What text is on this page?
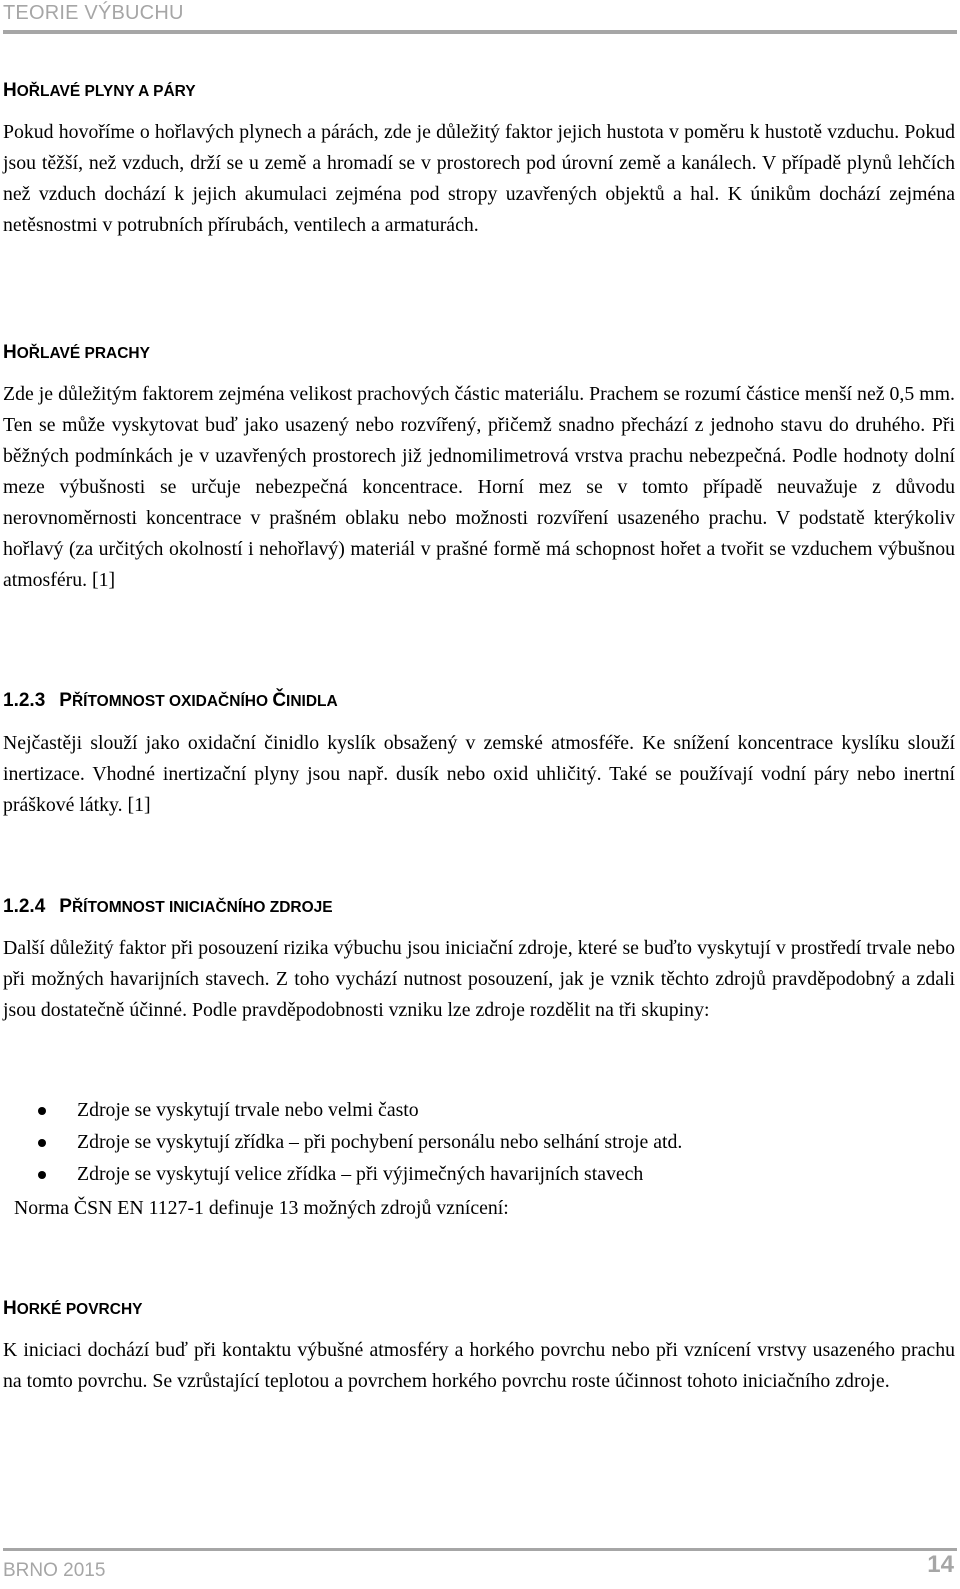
TEORIE VÝBUCHU
HOŘLAVÉ PLYNY A PÁRY

Pokud hovoříme o hořlavých plynech a párách, zde je důležitý faktor jejich hustota v poměru k hustotě vzduchu. Pokud jsou těžší, než vzduch, drží se u země a hromadí se v prostorech pod úrovní země a kanálech. V případě plynů lehčích než vzduch dochází k jejich akumulaci zejména pod stropy uzavřených objektů a hal. K únikům dochází zejména netěsnostmi v potrubních přírubách, ventilech a armaturách.

HOŘLAVÉ PRACHY

Zde je důležitým faktorem zejména velikost prachových částic materiálu. Prachem se rozumí částice menší než 0,5 mm. Ten se může vyskytovat buď jako usazený nebo rozvířený, přičemž snadno přechází z jednoho stavu do druhého. Při běžných podmínkách je v uzavřených prostorech již jednomilimetrová vrstva prachu nebezpečná. Podle hodnoty dolní meze výbušnosti se určuje nebezpečná koncentrace. Horní mez se v tomto případě neuvažuje z důvodu nerovnoměrnosti koncentrace v prašném oblaku nebo možnosti rozvíření usazeného prachu. V podstatě kterýkoliv hořlavý (za určitých okolností i nehořlavý) materiál v prašné formě má schopnost hořet a tvořit se vzduchem výbušnou atmosféru. [1]

1.2.3 PŘÍTOMNOST OXIDAČNÍHO ČINIDLA

Nejčastěji slouží jako oxidační činidlo kyslík obsažený v zemské atmosféře. Ke snížení koncentrace kyslíku slouží inertizace. Vhodné inertizační plyny jsou např. dusík nebo oxid uhličitý. Také se používají vodní páry nebo inertní práškové látky. [1]

1.2.4 PŘÍTOMNOST INICIAČNÍHO ZDROJE

Další důležitý faktor při posouzení rizika výbuchu jsou iniciační zdroje, které se buďto vyskytují v prostředí trvale nebo při možných havarijních stavech. Z toho vychází nutnost posouzení, jak je vznik těchto zdrojů pravděpodobný a zdali jsou dostatečně účinné. Podle pravděpodobnosti vzniku lze zdroje rozdělit na tři skupiny:

Zdroje se vyskytují trvale nebo velmi často
Zdroje se vyskytují zřídka – při pochybení personálu nebo selhání stroje atd.
Zdroje se vyskytují velice zřídka – při výjimečných havarijních stavech

Norma ČSN EN 1127-1 definuje 13 možných zdrojů vznícení:

HORKÉ POVRCHY

K iniciaci dochází buď při kontaktu výbušné atmosféry a horkého povrchu nebo při vznícení vrstvy usazeného prachu na tomto povrchu. Se vzrůstající teplotou a povrchem horkého povrchu roste účinnost tohoto iniciačního zdroje.

BRNO 2015	14
